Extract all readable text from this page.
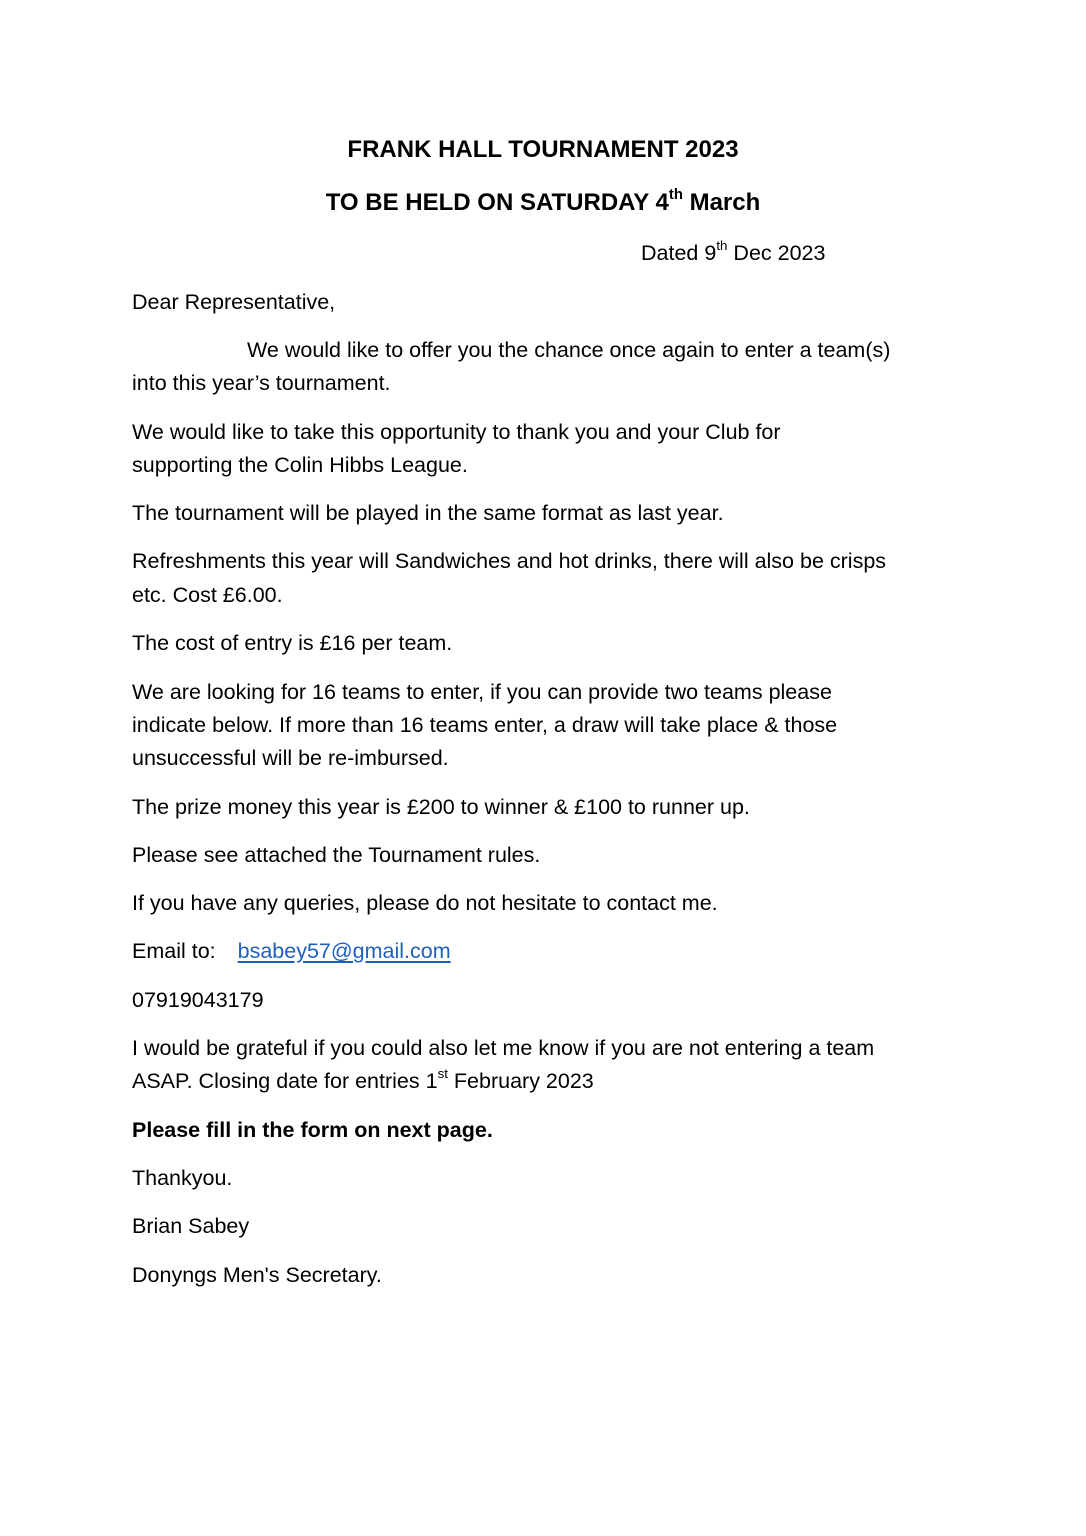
FRANK HALL TOURNAMENT 2023
TO BE HELD ON SATURDAY 4th March
Dated 9th Dec 2023
Dear Representative,
We would like to offer you the chance once again to enter a team(s)
into this year’s tournament.
We would like to take this opportunity to thank you and your Club for
supporting the Colin Hibbs League.
The tournament will be played in the same format as last year.
Refreshments this year will Sandwiches and hot drinks, there will also be crisps
etc. Cost £6.00.
The cost of entry is £16 per team.
We are looking for 16 teams to enter, if you can provide two teams please
indicate below. If more than 16 teams enter, a draw will take place & those
unsuccessful will be re-imbursed.
The prize money this year is £200 to winner & £100 to runner up.
Please see attached the Tournament rules.
If you have any queries, please do not hesitate to contact me.
Email to: bsabey57@gmail.com
07919043179
I would be grateful if you could also let me know if you are not entering a team
ASAP. Closing date for entries 1st February 2023
Please fill in the form on next page.
Thankyou.
Brian Sabey
Donyngs Men's Secretary.
